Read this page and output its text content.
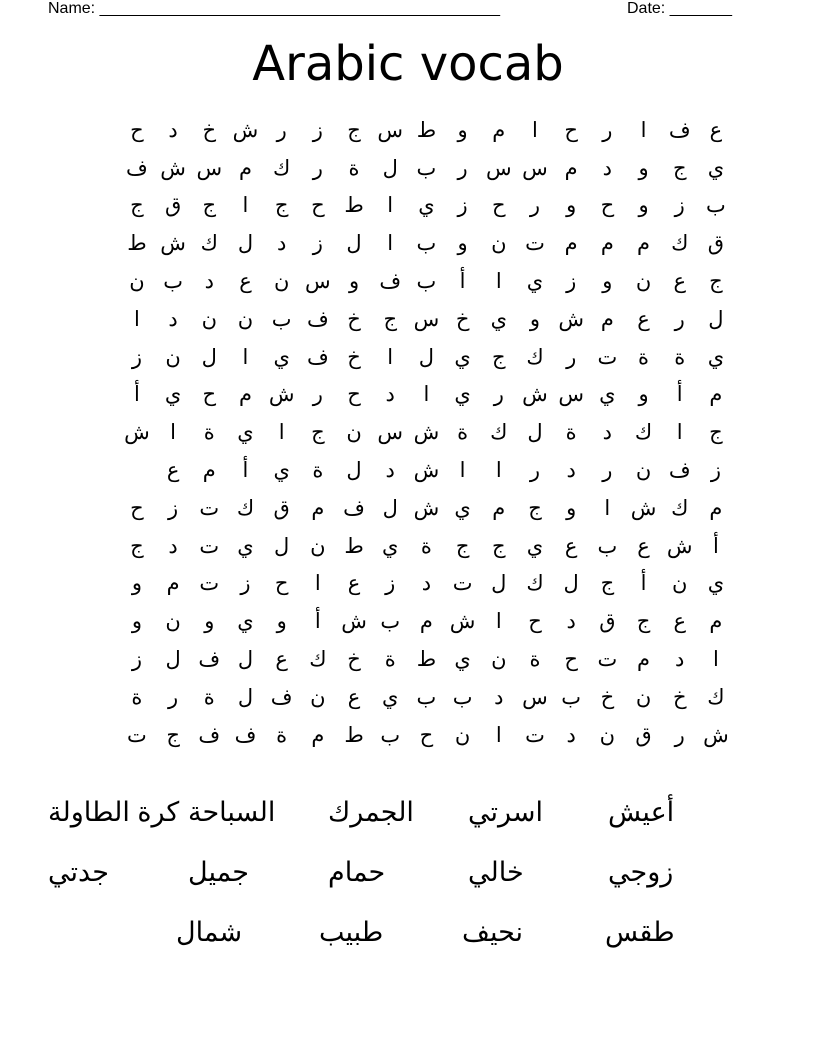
Name: _____________________________________________	Date: _______
Arabic vocab
ع
ف
ا
ر
ح
ا
م
و
ط
س
ج
ز
ر
ش
خ
د
ح
ي
ج
و
د
م
س
س
ر
ب
ل
ة
ر
ك
م
س
ش
ف
ب
ز
و
ح
و
ر
ح
ز
ي
ا
ط
ح
ج
ا
ج
ق
ج
ق
ك
م
م
م
ت
ن
و
ب
ا
ل
ز
د
ل
ك
ش
ط
ج
ع
ن
و
ز
ي
ا
أ
ب
ف
و
س
ن
ع
د
ب
ن
ل
ر
ع
م
ش
و
ي
خ
س
ج
خ
ف
ب
ن
ن
د
ا
ي
ة
ة
ت
ر
ك
ج
ي
ل
ا
خ
ف
ي
ا
ل
ن
ز
م
أ
و
ي
س
ش
ر
ي
ا
د
ح
ر
ش
م
ح
ي
أ
ج
ا
ك
د
ة
ل
ك
ة
ش
س
ن
ج
ا
ي
ة
ا
ش
ز
ف
ن
ر
د
ر
ا
ا
ش
د
ل
ة
ي
أ
م
ع
م
ك
ش
ا
و
ج
م
ي
ش
ل
ف
م
ق
ك
ت
ز
ح
أ
ش
ع
ب
ع
ي
ج
ج
ة
ي
ط
ن
ل
ي
ت
د
ج
ي
ن
أ
ج
ل
ك
ل
ت
د
ز
ع
ا
ح
ز
ت
م
و
م
ع
ج
ق
د
ح
ا
ش
م
ب
ش
أ
و
ي
و
ن
و
ا
د
م
ت
ح
ة
ن
ي
ط
ة
خ
ك
ع
ل
ف
ل
ز
ك
خ
ن
خ
ب
س
د
ب
ب
ي
ع
ن
ف
ل
ة
ر
ة
ش
ر
ق
ن
د
ت
ا
ن
ح
ب
ط
م
ة
ف
ف
ج
ت
أعيش
اسرتي
الجمرك
السباحة
كرة الطاولة
زوجي
خالي
حمام
جميل
جدتي
طقس
نحيف
طبيب
شمال
